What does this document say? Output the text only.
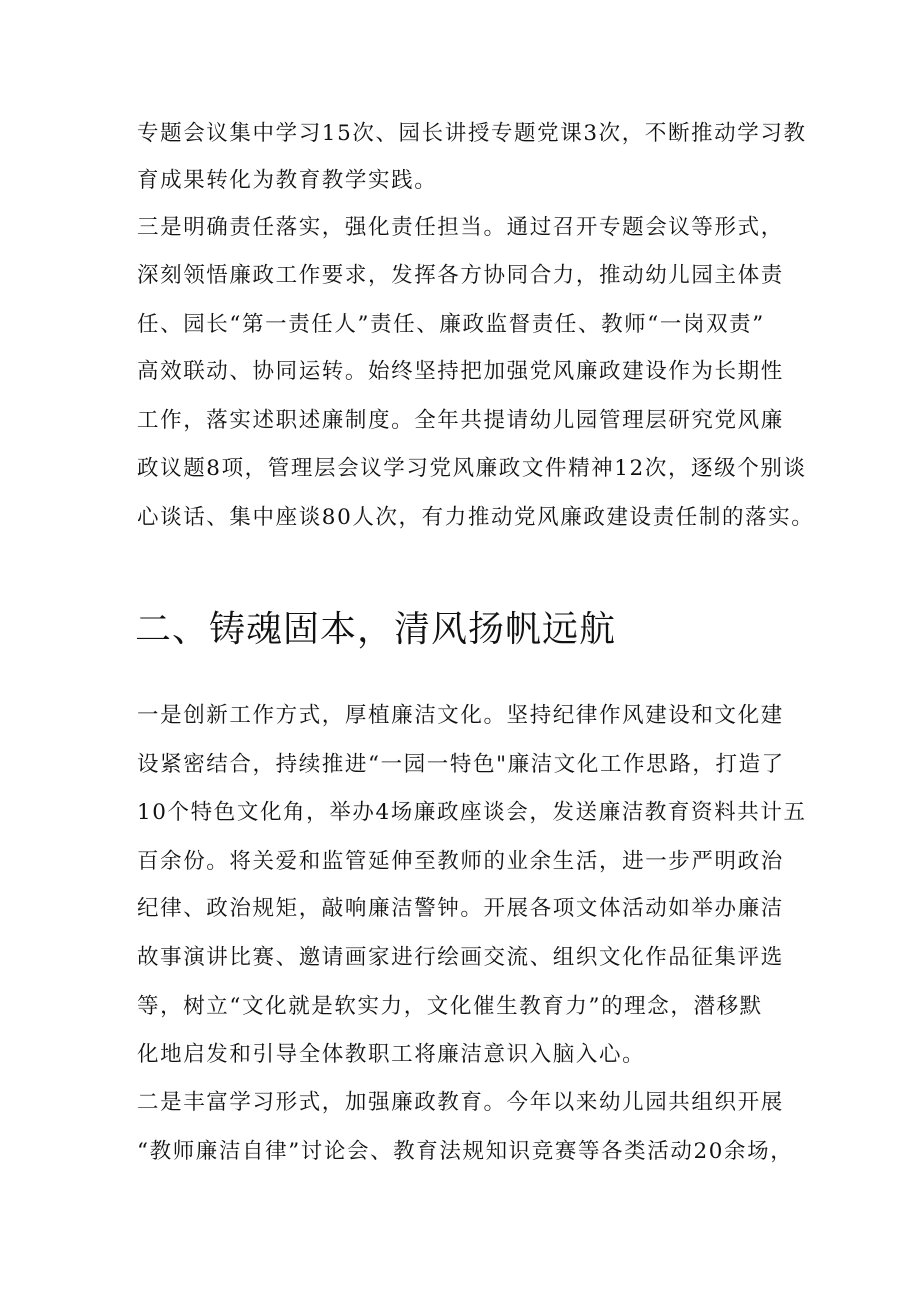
专题会议集中学习15次、园长讲授专题党课3次，不断推动学习教
育成果转化为教育教学实践。
三是明确责任落实，强化责任担当。通过召开专题会议等形式，
深刻领悟廉政工作要求，发挥各方协同合力，推动幼儿园主体责
任、园长“第一责任人”责任、廉政监督责任、教师“一岗双责”
高效联动、协同运转。始终坚持把加强党风廉政建设作为长期性
工作，落实述职述廉制度。全年共提请幼儿园管理层研究党风廉
政议题8项，管理层会议学习党风廉政文件精神12次，逐级个别谈
心谈话、集中座谈80人次，有力推动党风廉政建设责任制的落实。
二、铸魂固本，清风扬帆远航
一是创新工作方式，厚植廉洁文化。坚持纪律作风建设和文化建
设紧密结合，持续推进“一园一特色"廉洁文化工作思路，打造了
10个特色文化角，举办4场廉政座谈会，发送廉洁教育资料共计五
百余份。将关爱和监管延伸至教师的业余生活，进一步严明政治
纪律、政治规矩，敲响廉洁警钟。开展各项文体活动如举办廉洁
故事演讲比赛、邀请画家进行绘画交流、组织文化作品征集评选
等，树立“文化就是软实力，文化催生教育力”的理念，潜移默
化地启发和引导全体教职工将廉洁意识入脑入心。
二是丰富学习形式，加强廉政教育。今年以来幼儿园共组织开展
“教师廉洁自律”讨论会、教育法规知识竞赛等各类活动20余场，
